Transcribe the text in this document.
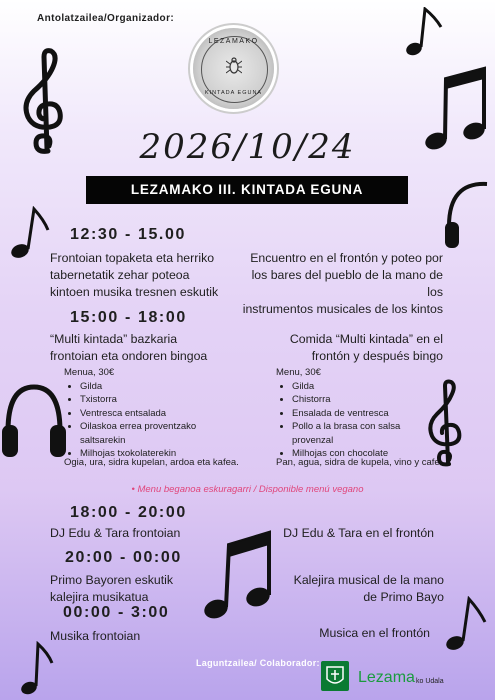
Antolatzailea/Organizador:
LEZAMAKO
KINTADA EGUNA
2026/10/24
LEZAMAKO III. KINTADA EGUNA
12:30 - 15.00
Frontoian topaketa eta herriko
tabernetatik zehar poteoa
kintoen musika tresnen eskutik
Encuentro en el frontón y poteo por
los bares del pueblo de la mano de los
instrumentos musicales de los kintos
15:00 - 18:00
“Multi kintada” bazkaria
frontoian eta ondoren bingoa
Comida “Multi kintada” en el
frontón y después bingo
Menua, 30€
• Gilda
• Txistorra
• Ventresca entsalada
• Oilaskoa errea proventzako saltsarekin
• Milhojas txokolaterekin
Ogia, ura, sidra kupelan, ardoa eta kafea.
Menu, 30€
• Gilda
• Chistorra
• Ensalada de ventresca
• Pollo a la brasa con salsa provenzal
• Milhojas con chocolate
Pan, agua, sidra de kupela, vino y cafe.
• Menu beganoa eskuragarri / Disponible menú vegano
18:00 - 20:00
DJ Edu & Tara frontoian	DJ Edu & Tara en el frontón
20:00 - 00:00
Primo Bayoren eskutik
kalejira musikatua
Kalejira musical de la mano
de Primo Bayo
00:00 - 3:00
Musika frontoian	Musica en el frontón
Laguntzailea/ Colaborador:
Lezama ko Udala
